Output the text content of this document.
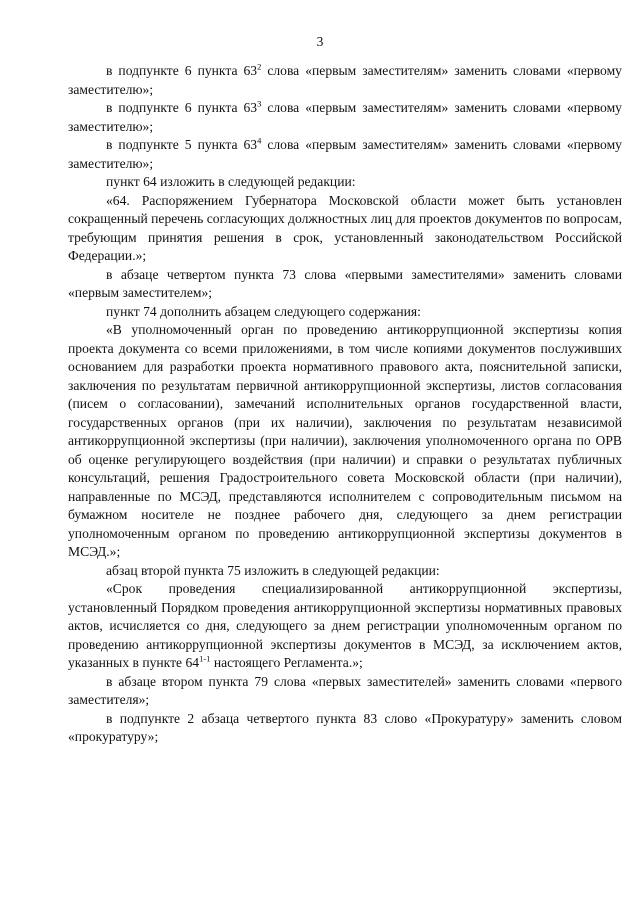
3

в подпункте 6 пункта $63^2$ слова «первым заместителям» заменить словами «первому заместителю»;

в подпункте 6 пункта $63^3$ слова «первым заместителям» заменить словами «первому заместителю»;

в подпункте 5 пункта $63^4$ слова «первым заместителям» заменить словами «первому заместителю»;

пункт 64 изложить в следующей редакции:

«64. Распоряжением Губернатора Московской области может быть установлен сокращенный перечень согласующих должностных лиц для проектов документов по вопросам, требующим принятия решения в срок, установленный законодательством Российской Федерации.»;

в абзаце четвертом пункта 73 слова «первыми заместителями» заменить словами «первым заместителем»;

пункт 74 дополнить абзацем следующего содержания:

«В уполномоченный орган по проведению антикоррупционной экспертизы копия проекта документа со всеми приложениями, в том числе копиями документов послуживших основанием для разработки проекта нормативного правового акта, пояснительной записки, заключения по результатам первичной антикоррупционной экспертизы, листов согласования (писем о согласовании), замечаний исполнительных органов государственной власти, государственных органов (при их наличии), заключения по результатам независимой антикоррупционной экспертизы (при наличии), заключения уполномоченного органа по ОРВ об оценке регулирующего воздействия (при наличии) и справки о результатах публичных консультаций, решения Градостроительного совета Московской области (при наличии), направленные по МСЭД, представляются исполнителем с сопроводительным письмом на бумажном носителе не позднее рабочего дня, следующего за днем регистрации уполномоченным органом по проведению антикоррупционной экспертизы документов в МСЭД.»;

абзац второй пункта 75 изложить в следующей редакции:

«Срок проведения специализированной антикоррупционной экспертизы, установленный Порядком проведения антикоррупционной экспертизы нормативных правовых актов, исчисляется со дня, следующего за днем регистрации уполномоченным органом по проведению антикоррупционной экспертизы документов в МСЭД, за исключением актов, указанных в пункте 64$^{1-1}$ настоящего Регламента.»;

в абзаце втором пункта 79 слова «первых заместителей» заменить словами «первого заместителя»;

в подпункте 2 абзаца четвертого пункта 83 слово «Прокуратуру» заменить словом «прокуратуру»;
